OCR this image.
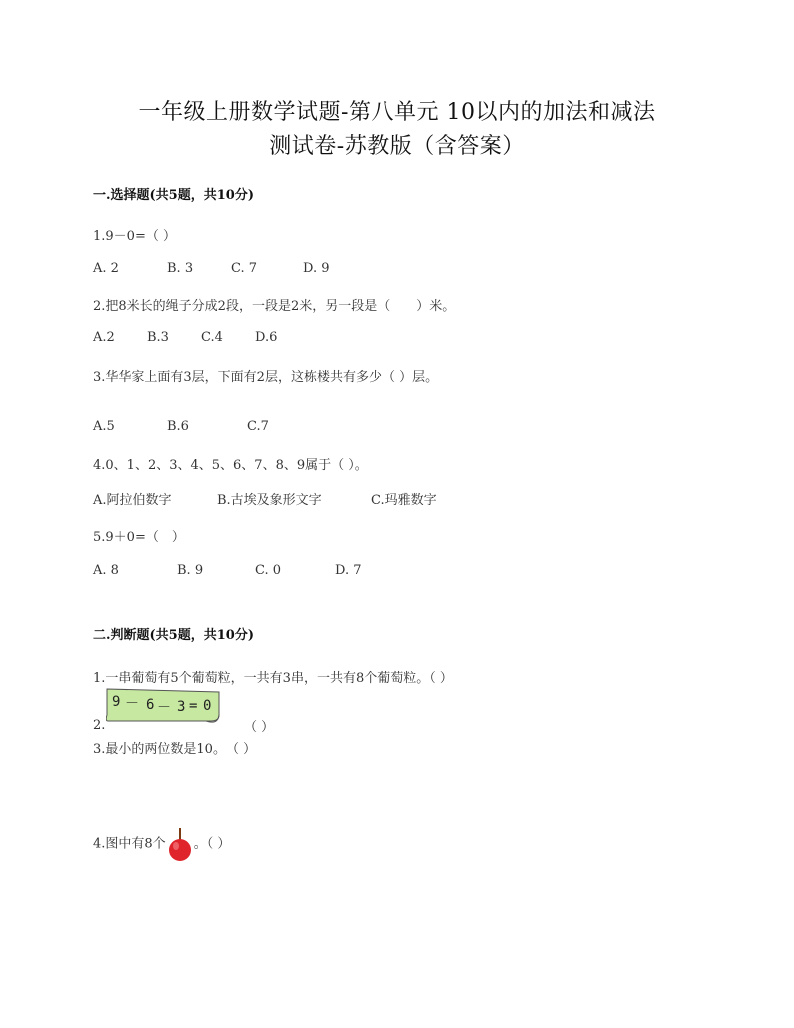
一年级上册数学试题-第八单元 10以内的加法和减法
测试卷-苏教版（含答案）
一.选择题(共5题，共10分)
1.9－0=（ ）
A. 2	B. 3	C. 7	D. 9
2.把8米长的绳子分成2段，一段是2米，另一段是（　　）米。
A.2 B.3 C.4 D.6
3.华华家上面有3层，下面有2层，这栋楼共有多少（ ）层。
A.5	B.6	C.7
4.0、1、2、3、4、5、6、7、8、9属于（ ）。
A.阿拉伯数字	B.古埃及象形文字	C.玛雅数字
5.9＋0=（　）
A. 8	B. 9	C. 0	D. 7
二.判断题(共5题，共10分)
1.一串葡萄有5个葡萄粒，一共有3串，一共有8个葡萄粒。（ ）
2.
9 － 6 － 3 = 0
（ ）
3.最小的两位数是10。　（ ）
4.图中有8个 。（ ）
